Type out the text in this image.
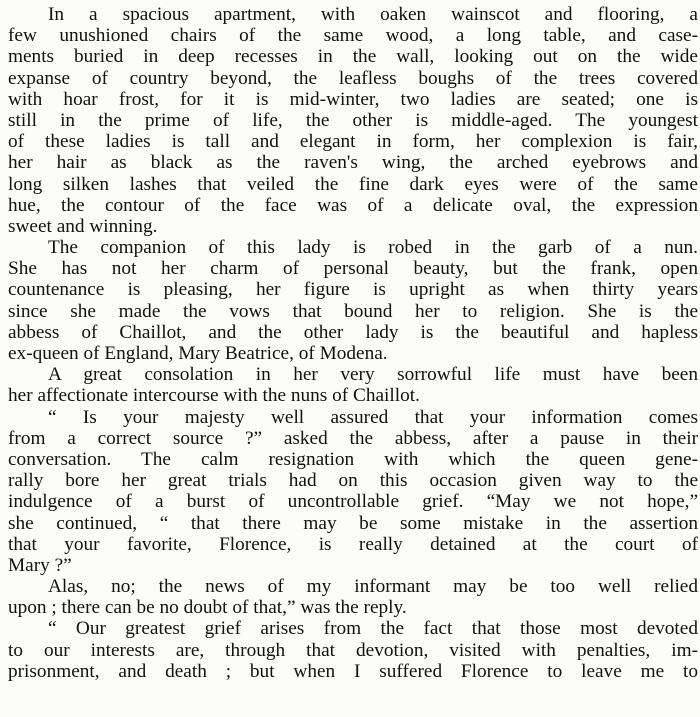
In a spacious apartment, with oaken wainscot and flooring, a
few unushioned chairs of the same wood, a long table, and case-
ments buried in deep recesses in the wall, looking out on the wide
expanse of country beyond, the leafless boughs of the trees covered
with hoar frost, for it is mid-winter, two ladies are seated; one is
still in the prime of life, the other is middle-aged. The youngest
of these ladies is tall and elegant in form, her complexion is fair,
her hair as black as the raven's wing, the arched eyebrows and
long silken lashes that veiled the fine dark eyes were of the same
hue, the contour of the face was of a delicate oval, the expression
sweet and winning.
The companion of this lady is robed in the garb of a nun.
She has not her charm of personal beauty, but the frank, open
countenance is pleasing, her figure is upright as when thirty years
since she made the vows that bound her to religion. She is the
abbess of Chaillot, and the other lady is the beautiful and hapless
ex-queen of England, Mary Beatrice, of Modena.
A great consolation in her very sorrowful life must have been
her affectionate intercourse with the nuns of Chaillot.
“ Is your majesty well assured that your information comes
from a correct source ?” asked the abbess, after a pause in their
conversation. The calm resignation with which the queen gene-
rally bore her great trials had on this occasion given way to the
indulgence of a burst of uncontrollable grief. “May we not hope,”
she continued, “ that there may be some mistake in the assertion
that your favorite, Florence, is really detained at the court of
Mary ?”
Alas, no; the news of my informant may be too well relied
upon ; there can be no doubt of that,” was the reply.
“ Our greatest grief arises from the fact that those most devoted
to our interests are, through that devotion, visited with penalties, im-
prisonment, and death ; but when I suffered Florence to leave me to
